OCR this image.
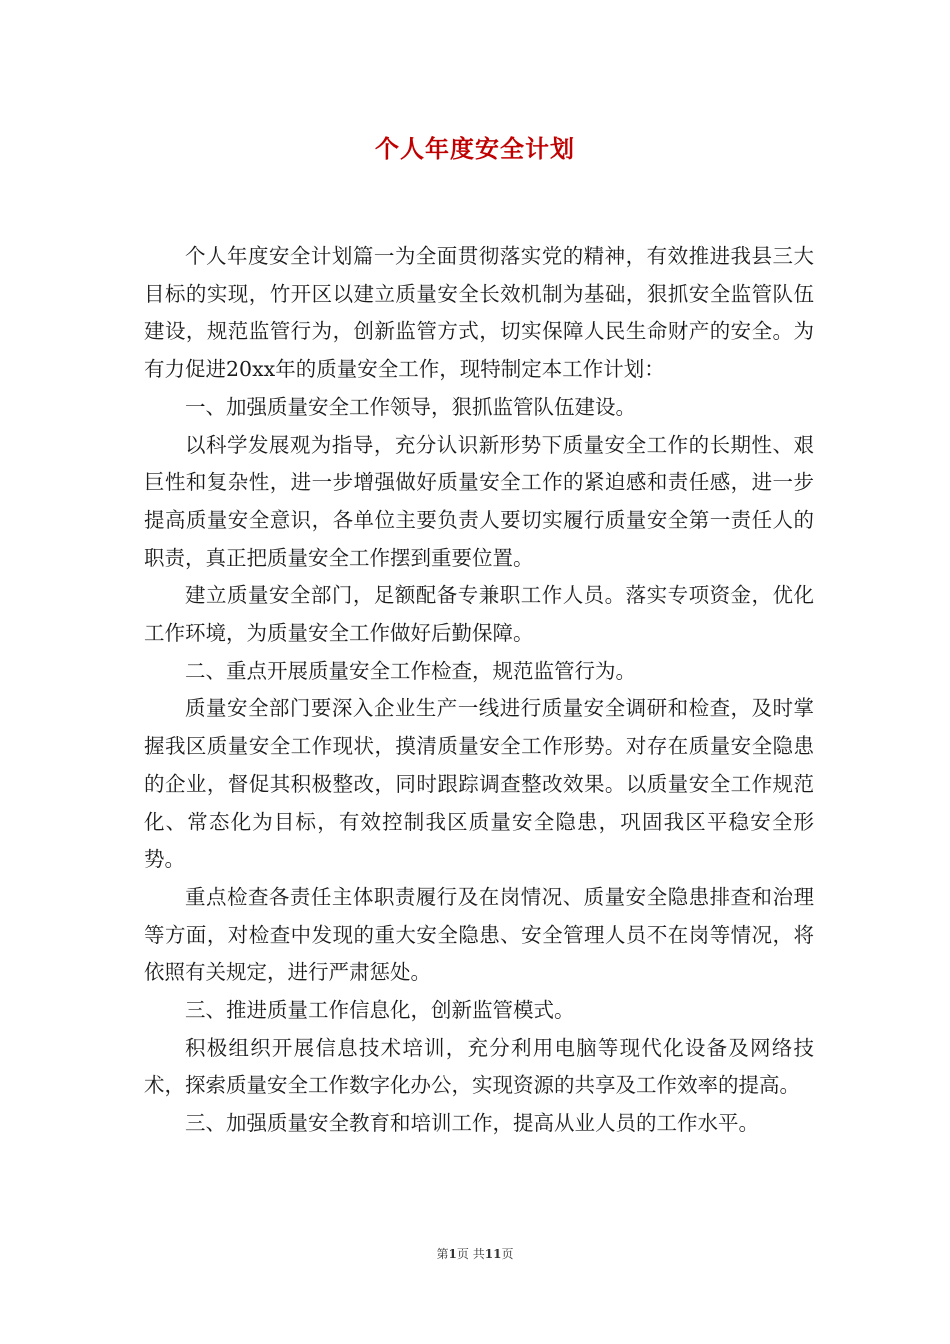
个人年度安全计划

个人年度安全计划篇一为全面贯彻落实党的精神，有效推进我县三大目标的实现，竹开区以建立质量安全长效机制为基础，狠抓安全监管队伍建设，规范监管行为，创新监管方式，切实保障人民生命财产的安全。为有力促进20xx年的质量安全工作，现特制定本工作计划：

一、加强质量安全工作领导，狠抓监管队伍建设。

以科学发展观为指导，充分认识新形势下质量安全工作的长期性、艰巨性和复杂性，进一步增强做好质量安全工作的紧迫感和责任感，进一步提高质量安全意识，各单位主要负责人要切实履行质量安全第一责任人的职责，真正把质量安全工作摆到重要位置。

建立质量安全部门，足额配备专兼职工作人员。落实专项资金，优化工作环境，为质量安全工作做好后勤保障。

二、重点开展质量安全工作检查，规范监管行为。

质量安全部门要深入企业生产一线进行质量安全调研和检查，及时掌握我区质量安全工作现状，摸清质量安全工作形势。对存在质量安全隐患的企业，督促其积极整改，同时跟踪调查整改效果。以质量安全工作规范化、常态化为目标，有效控制我区质量安全隐患，巩固我区平稳安全形势。

重点检查各责任主体职责履行及在岗情况、质量安全隐患排查和治理等方面，对检查中发现的重大安全隐患、安全管理人员不在岗等情况，将依照有关规定，进行严肃惩处。

三、推进质量工作信息化，创新监管模式。

积极组织开展信息技术培训，充分利用电脑等现代化设备及网络技术，探索质量安全工作数字化办公，实现资源的共享及工作效率的提高。

三、加强质量安全教育和培训工作，提高从业人员的工作水平。

第1页 共11页
